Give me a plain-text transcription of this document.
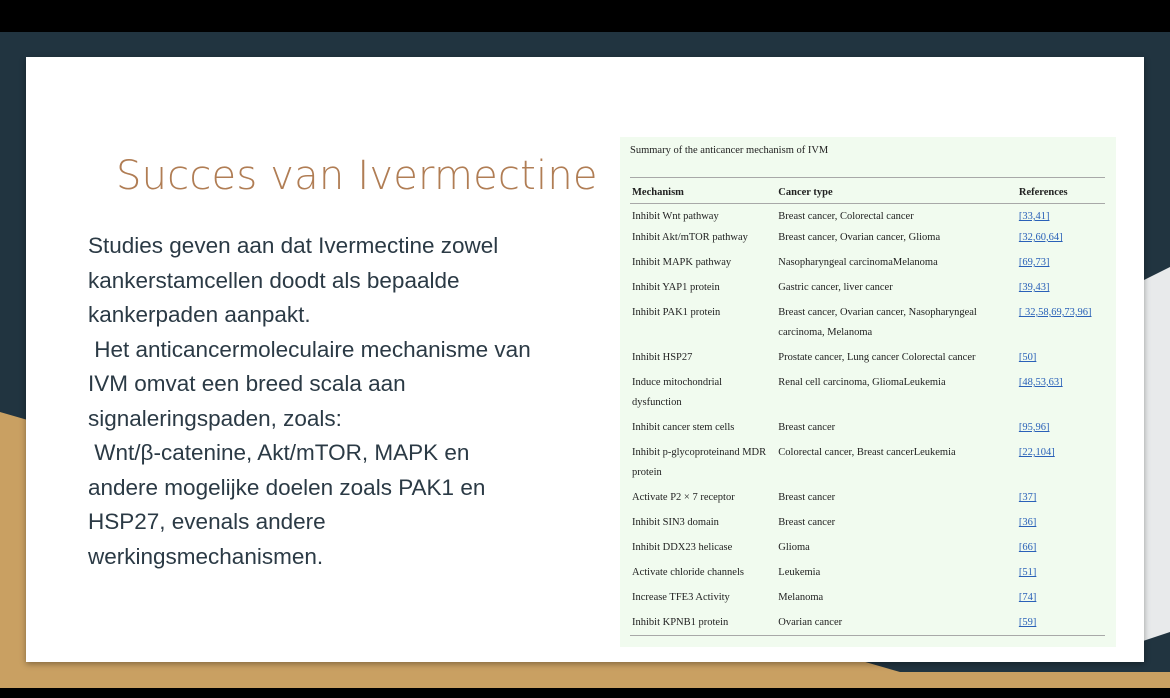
Succes van Ivermectine
Studies geven aan dat Ivermectine zowel
kankerstamcellen doodt als bepaalde
kankerpaden aanpakt.
Het anticancermoleculaire mechanisme van
IVM omvat een breed scala aan
signaleringspaden, zoals:
Wnt/β-catenine, Akt/mTOR, MAPK en
andere mogelijke doelen zoals PAK1 en
HSP27, evenals andere
werkingsmechanismen.
Summary of the anticancer mechanism of IVM
Mechanism	Cancer type	References
Inhibit Wnt pathway	Breast cancer, Colorectal cancer	[33,41]
Inhibit Akt/mTOR pathway	Breast cancer, Ovarian cancer, Glioma	[32,60,64]
Inhibit MAPK pathway	Nasopharyngeal carcinomaMelanoma	[69,73]
Inhibit YAP1 protein	Gastric cancer, liver cancer	[39,43]
Inhibit PAK1 protein	Breast cancer, Ovarian cancer, Nasopharyngeal carcinoma, Melanoma	[ 32,58,69,73,96]
Inhibit HSP27	Prostate cancer, Lung cancer Colorectal cancer	[50]
Induce mitochondrial dysfunction	Renal cell carcinoma, GliomaLeukemia	[48,53,63]
Inhibit cancer stem cells	Breast cancer	[95,96]
Inhibit p-glycoproteinand MDR protein	Colorectal cancer, Breast cancerLeukemia	[22,104]
Activate P2 × 7 receptor	Breast cancer	[37]
Inhibit SIN3 domain	Breast cancer	[36]
Inhibit DDX23 helicase	Glioma	[66]
Activate chloride channels	Leukemia	[51]
Increase TFE3 Activity	Melanoma	[74]
Inhibit KPNB1 protein	Ovarian cancer	[59]
